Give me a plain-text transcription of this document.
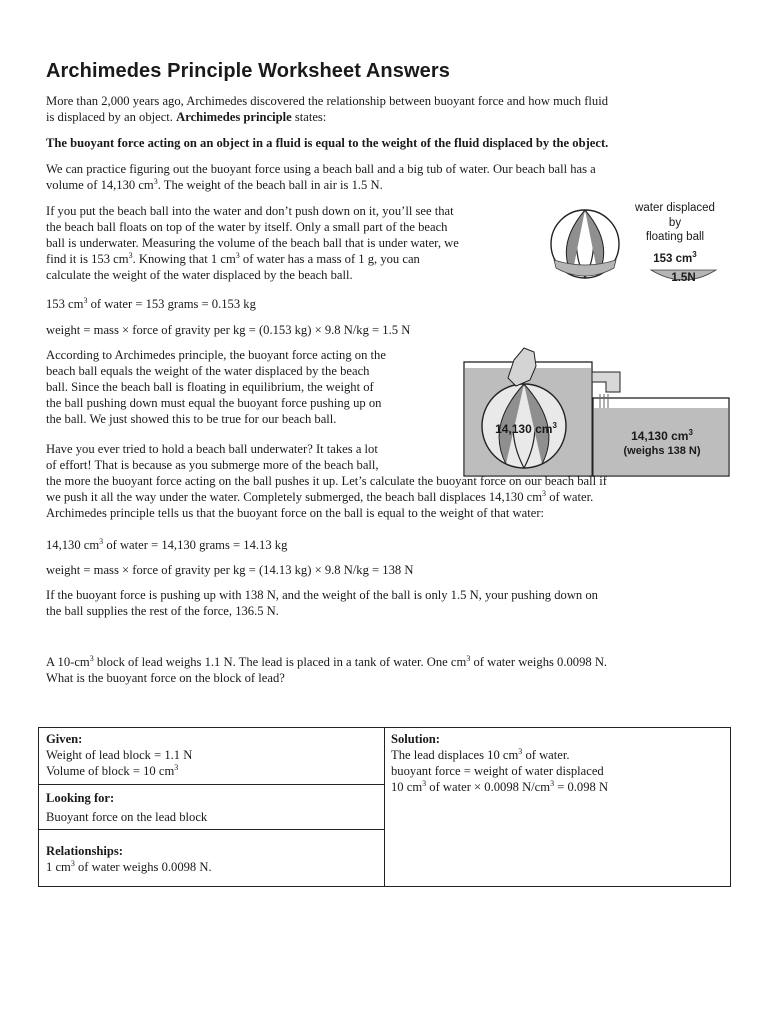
Archimedes Principle Worksheet Answers
More than 2,000 years ago, Archimedes discovered the relationship between buoyant force and how much fluid
is displaced by an object. Archimedes principle states:
The buoyant force acting on an object in a fluid is equal to the weight of the fluid displaced by the object.
We can practice figuring out the buoyant force using a beach ball and a big tub of water. Our beach ball has a
volume of 14,130 $cm^3$. The weight of the beach ball in air is 1.5 N.
If you put the beach ball into the water and don’t push down on it, you’ll see that
the beach ball floats on top of the water by itself. Only a small part of the beach
ball is underwater. Measuring the volume of the beach ball that is under water, we
find it is 153 $cm^3$. Knowing that 1 $cm^3$ of water has a mass of 1 g, you can
calculate the weight of the water displaced by the beach ball.
water displaced
by
floating ball
153 $cm^3$
1.5N
153 $cm^3$ of water = 153 grams = 0.153 kg
weight = mass × force of gravity per kg = (0.153 kg) × 9.8 N/kg = 1.5 N
According to Archimedes principle, the buoyant force acting on the
beach ball equals the weight of the water displaced by the beach
ball. Since the beach ball is floating in equilibrium, the weight of
the ball pushing down must equal the buoyant force pushing up on
the ball. We just showed this to be true for our beach ball.
14,130 $cm^3$
14,130 $cm^3$
(weighs 138 N)
Have you ever tried to hold a beach ball underwater? It takes a lot
of effort! That is because as you submerge more of the beach ball,
the more the buoyant force acting on the ball pushes it up. Let’s calculate the buoyant force on our beach ball if
we push it all the way under the water. Completely submerged, the beach ball displaces 14,130 $cm^3$ of water.
Archimedes principle tells us that the buoyant force on the ball is equal to the weight of that water:
14,130 $cm^3$ of water = 14,130 grams = 14.13 kg
weight = mass × force of gravity per kg = (14.13 kg) × 9.8 N/kg = 138 N
If the buoyant force is pushing up with 138 N, and the weight of the ball is only 1.5 N, your pushing down on
the ball supplies the rest of the force, 136.5 N.
A $10-cm^3$ block of lead weighs 1.1 N. The lead is placed in a tank of water. One $cm^3$ of water weighs 0.0098 N.
What is the buoyant force on the block of lead?
Given:
Weight of lead block = 1.1 N
Volume of block = 10 $cm^3$
Looking for:
Buoyant force on the lead block
Relationships:
1 $cm^3$ of water weighs 0.0098 N.
Solution:
The lead displaces 10 $cm^3$ of water.
buoyant force = weight of water displaced
10 $cm^3$ of water × 0.0098 $N/cm^3 = 0.098$ N
